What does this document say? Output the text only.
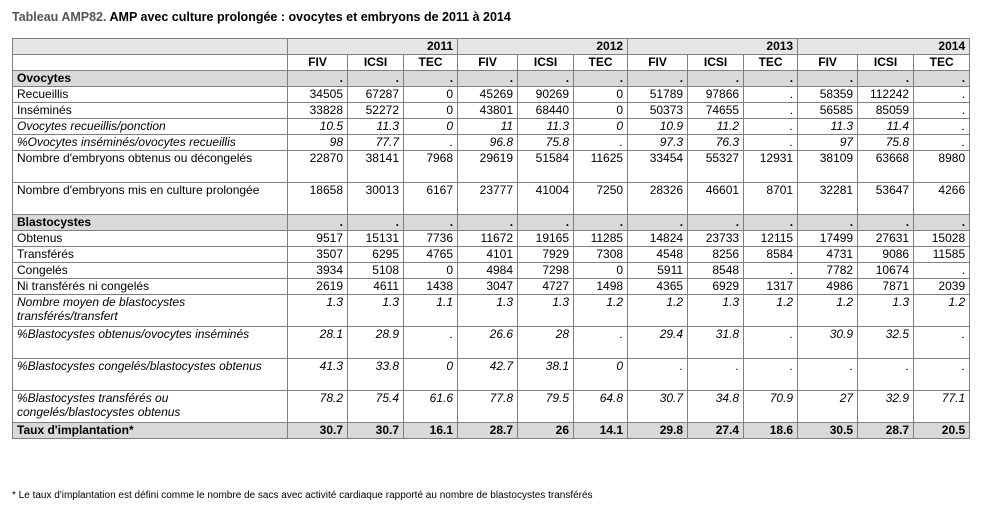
Tableau AMP82. AMP avec culture prolongée : ovocytes et embryons de 2011 à 2014
	2011			2012			2013			2014		
	FIV	ICSI	TEC	FIV	ICSI	TEC	FIV	ICSI	TEC	FIV	ICSI	TEC
Ovocytes	.	.	.	.	.	.	.	.	.	.	.	.
Recueillis	34505	67287	0	45269	90269	0	51789	97866	.	58359	112242	.
Inséminés	33828	52272	0	43801	68440	0	50373	74655	.	56585	85059	.
Ovocytes recueillis/ponction	10.5	11.3	0	11	11.3	0	10.9	11.2	.	11.3	11.4	.
%Ovocytes inséminés/ovocytes recueillis	98	77.7	.	96.8	75.8	.	97.3	76.3	.	97	75.8	.
Nombre d'embryons obtenus ou décongelés	22870	38141	7968	29619	51584	11625	33454	55327	12931	38109	63668	8980
Nombre d'embryons mis en culture prolongée	18658	30013	6167	23777	41004	7250	28326	46601	8701	32281	53647	4266
Blastocystes	.	.	.	.	.	.	.	.	.	.	.	.
Obtenus	9517	15131	7736	11672	19165	11285	14824	23733	12115	17499	27631	15028
Transférés	3507	6295	4765	4101	7929	7308	4548	8256	8584	4731	9086	11585
Congelés	3934	5108	0	4984	7298	0	5911	8548	.	7782	10674	.
Ni transférés ni congelés	2619	4611	1438	3047	4727	1498	4365	6929	1317	4986	7871	2039
Nombre moyen de blastocystes transférés/transfert	1.3	1.3	1.1	1.3	1.3	1.2	1.2	1.3	1.2	1.2	1.3	1.2
%Blastocystes obtenus/ovocytes inséminés	28.1	28.9	.	26.6	28	.	29.4	31.8	.	30.9	32.5	.
%Blastocystes congelés/blastocystes obtenus	41.3	33.8	0	42.7	38.1	0	.	.	.	.	.	.
%Blastocystes transférés ou congelés/blastocystes obtenus	78.2	75.4	61.6	77.8	79.5	64.8	30.7	34.8	70.9	27	32.9	77.1
Taux d'implantation*	30.7	30.7	16.1	28.7	26	14.1	29.8	27.4	18.6	30.5	28.7	20.5
* Le taux d'implantation est défini comme le nombre de sacs avec activité cardiaque rapporté au nombre de blastocystes transférés
